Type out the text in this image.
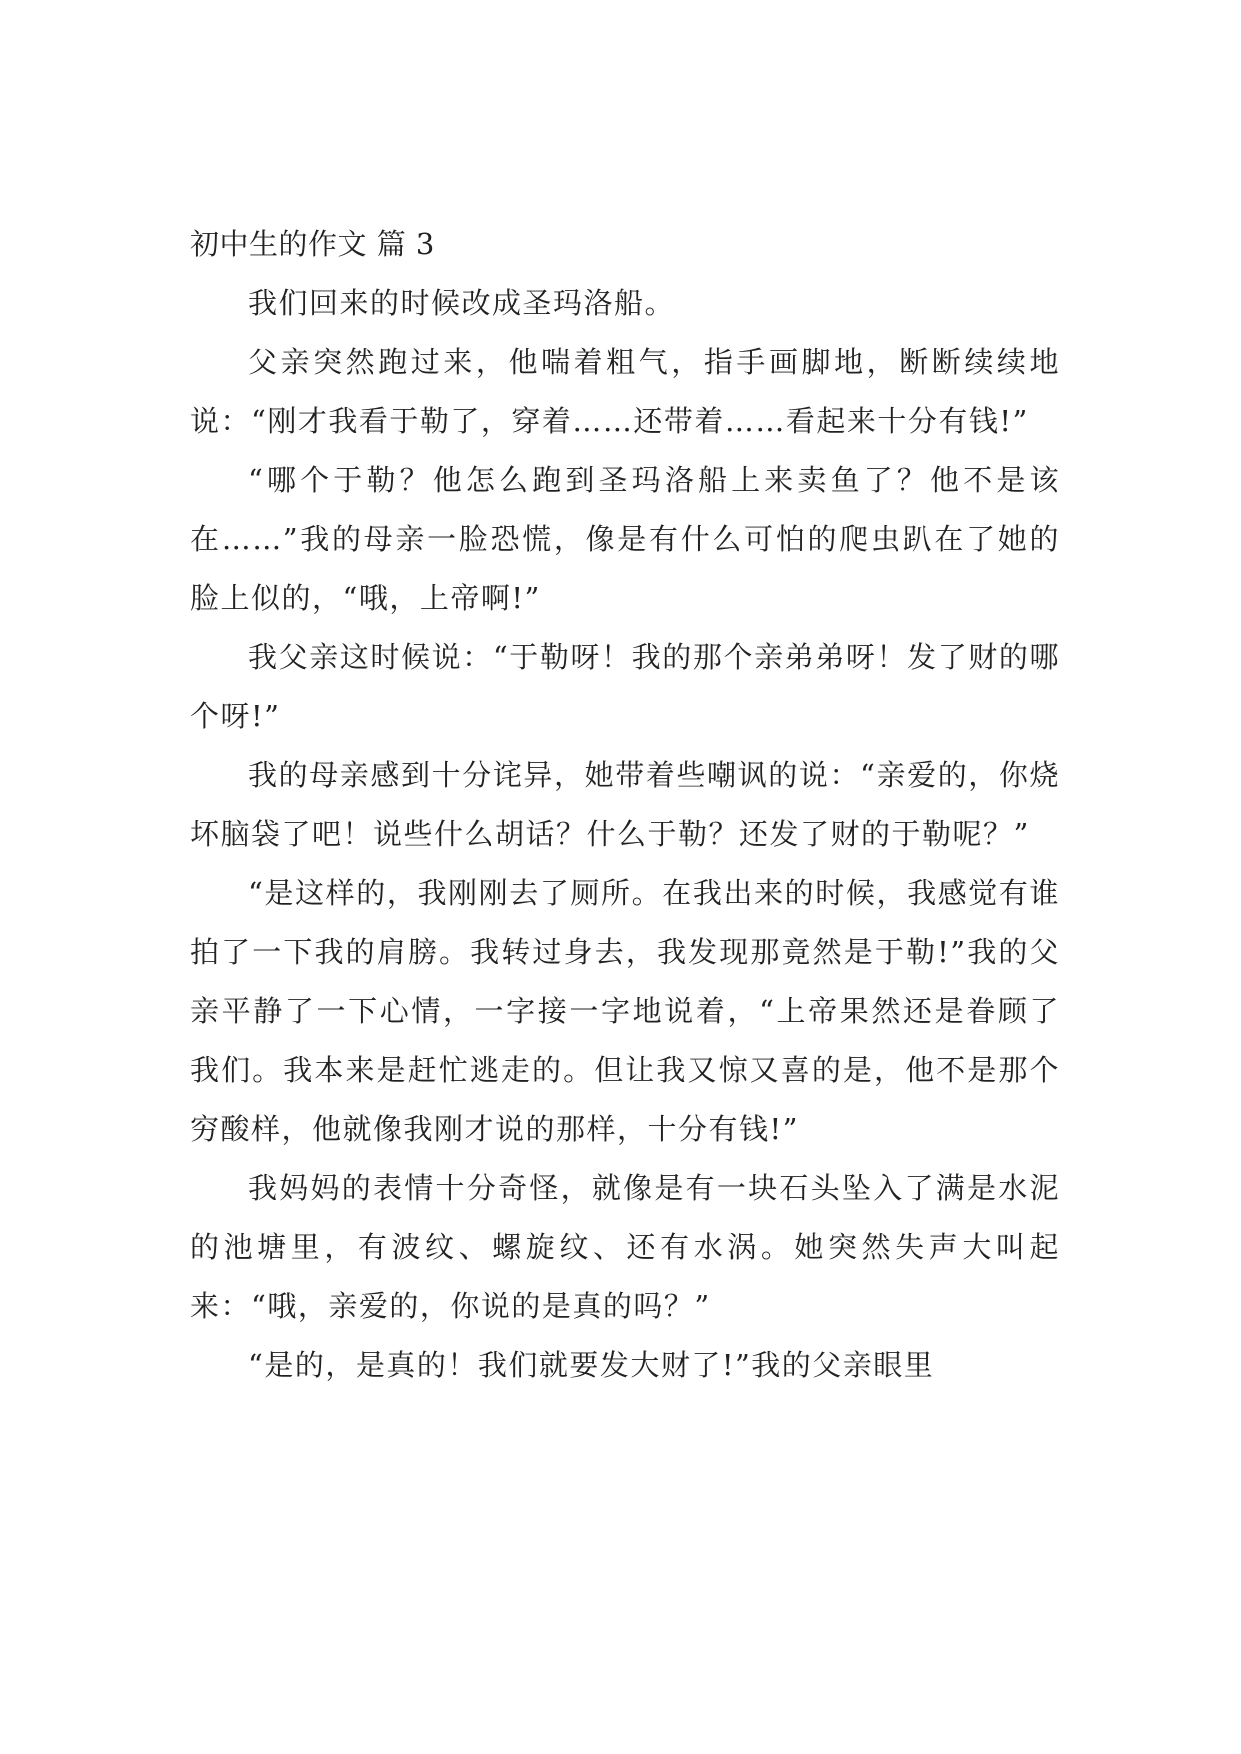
初中生的作文 篇 3

我们回来的时候改成圣玛洛船。

父亲突然跑过来，他喘着粗气，指手画脚地，断断续续地说：“刚才我看于勒了，穿着……还带着……看起来十分有钱!”

“哪个于勒？他怎么跑到圣玛洛船上来卖鱼了？他不是该在……”我的母亲一脸恐慌，像是有什么可怕的爬虫趴在了她的脸上似的，“哦，上帝啊!”

我父亲这时候说：“于勒呀！我的那个亲弟弟呀！发了财的哪个呀!”

我的母亲感到十分诧异，她带着些嘲讽的说：“亲爱的，你烧坏脑袋了吧！说些什么胡话？什么于勒？还发了财的于勒呢？”

“是这样的，我刚刚去了厕所。在我出来的时候，我感觉有谁拍了一下我的肩膀。我转过身去，我发现那竟然是于勒!”我的父亲平静了一下心情，一字接一字地说着，“上帝果然还是眷顾了我们。我本来是赶忙逃走的。但让我又惊又喜的是，他不是那个穷酸样，他就像我刚才说的那样，十分有钱!”

我妈妈的表情十分奇怪，就像是有一块石头坠入了满是水泥的池塘里，有波纹、螺旋纹、还有水涡。她突然失声大叫起来：“哦，亲爱的，你说的是真的吗？”

“是的，是真的！我们就要发大财了!”我的父亲眼里
